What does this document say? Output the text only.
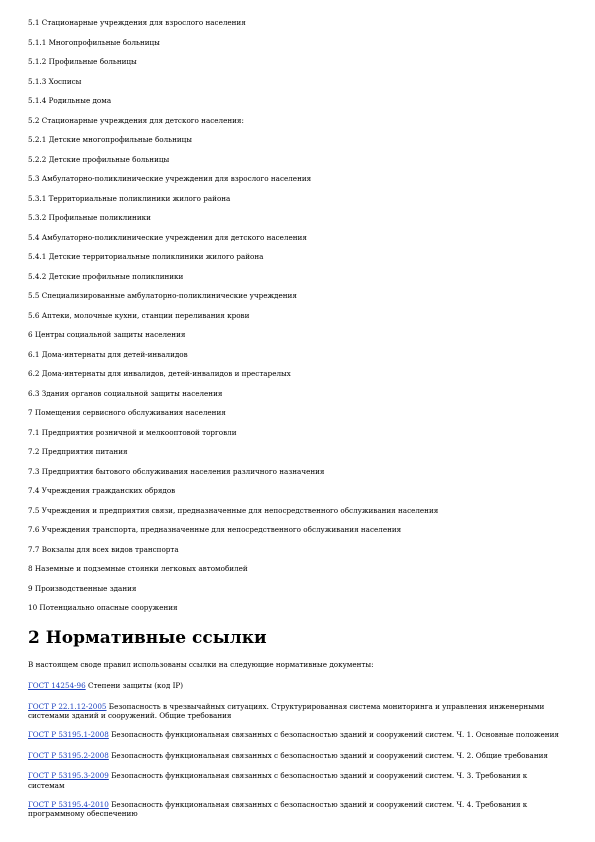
5.1 Стационарные учреждения для взрослого населения
5.1.1 Многопрофильные больницы
5.1.2 Профильные больницы
5.1.3 Хосписы
5.1.4 Родильные дома
5.2 Стационарные учреждения для детского населения:
5.2.1 Детские многопрофильные больницы
5.2.2 Детские профильные больницы
5.3 Амбулаторно-поликлинические учреждения для взрослого населения
5.3.1 Территориальные поликлиники жилого района
5.3.2 Профильные поликлиники
5.4 Амбулаторно-поликлинические учреждения для детского населения
5.4.1 Детские территориальные поликлиники жилого района
5.4.2 Детские профильные поликлиники
5.5 Специализированные амбулаторно-поликлинические учреждения
5.6 Аптеки, молочные кухни, станции переливания крови
6 Центры социальной защиты населения
6.1 Дома-интернаты для детей-инвалидов
6.2 Дома-интернаты для инвалидов, детей-инвалидов и престарелых
6.3 Здания органов социальной защиты населения
7 Помещения сервисного обслуживания населения
7.1 Предприятия розничной и мелкооптовой торговли
7.2 Предприятия питания
7.3 Предприятия бытового обслуживания населения различного назначения
7.4 Учреждения гражданских обрядов
7.5 Учреждения и предприятия связи, предназначенные для непосредственного обслуживания населения
7.6 Учреждения транспорта, предназначенные для непосредственного обслуживания населения
7.7 Вокзалы для всех видов транспорта
8 Наземные и подземные стоянки легковых автомобилей
9 Производственные здания
10 Потенциально опасные сооружения
2 Нормативные ссылки

В настоящем своде правил использованы ссылки на следующие нормативные документы:

ГОСТ 14254-96 Степени защиты (код IP)
ГОСТ Р 22.1.12-2005 Безопасность в чрезвычайных ситуациях. Структурированная система мониторинга и управления инженерными системами зданий и сооружений. Общие требования
ГОСТ Р 53195.1-2008 Безопасность функциональная связанных с безопасностью зданий и сооружений систем. Ч. 1. Основные положения
ГОСТ Р 53195.2-2008 Безопасность функциональная связанных с безопасностью зданий и сооружений систем. Ч. 2. Общие требования
ГОСТ Р 53195.3-2009 Безопасность функциональная связанных с безопасностью зданий и сооружений систем. Ч. 3. Требования к системам
ГОСТ Р 53195.4-2010 Безопасность функциональная связанных с безопасностью зданий и сооружений систем. Ч. 4. Требования к программному обеспечению
